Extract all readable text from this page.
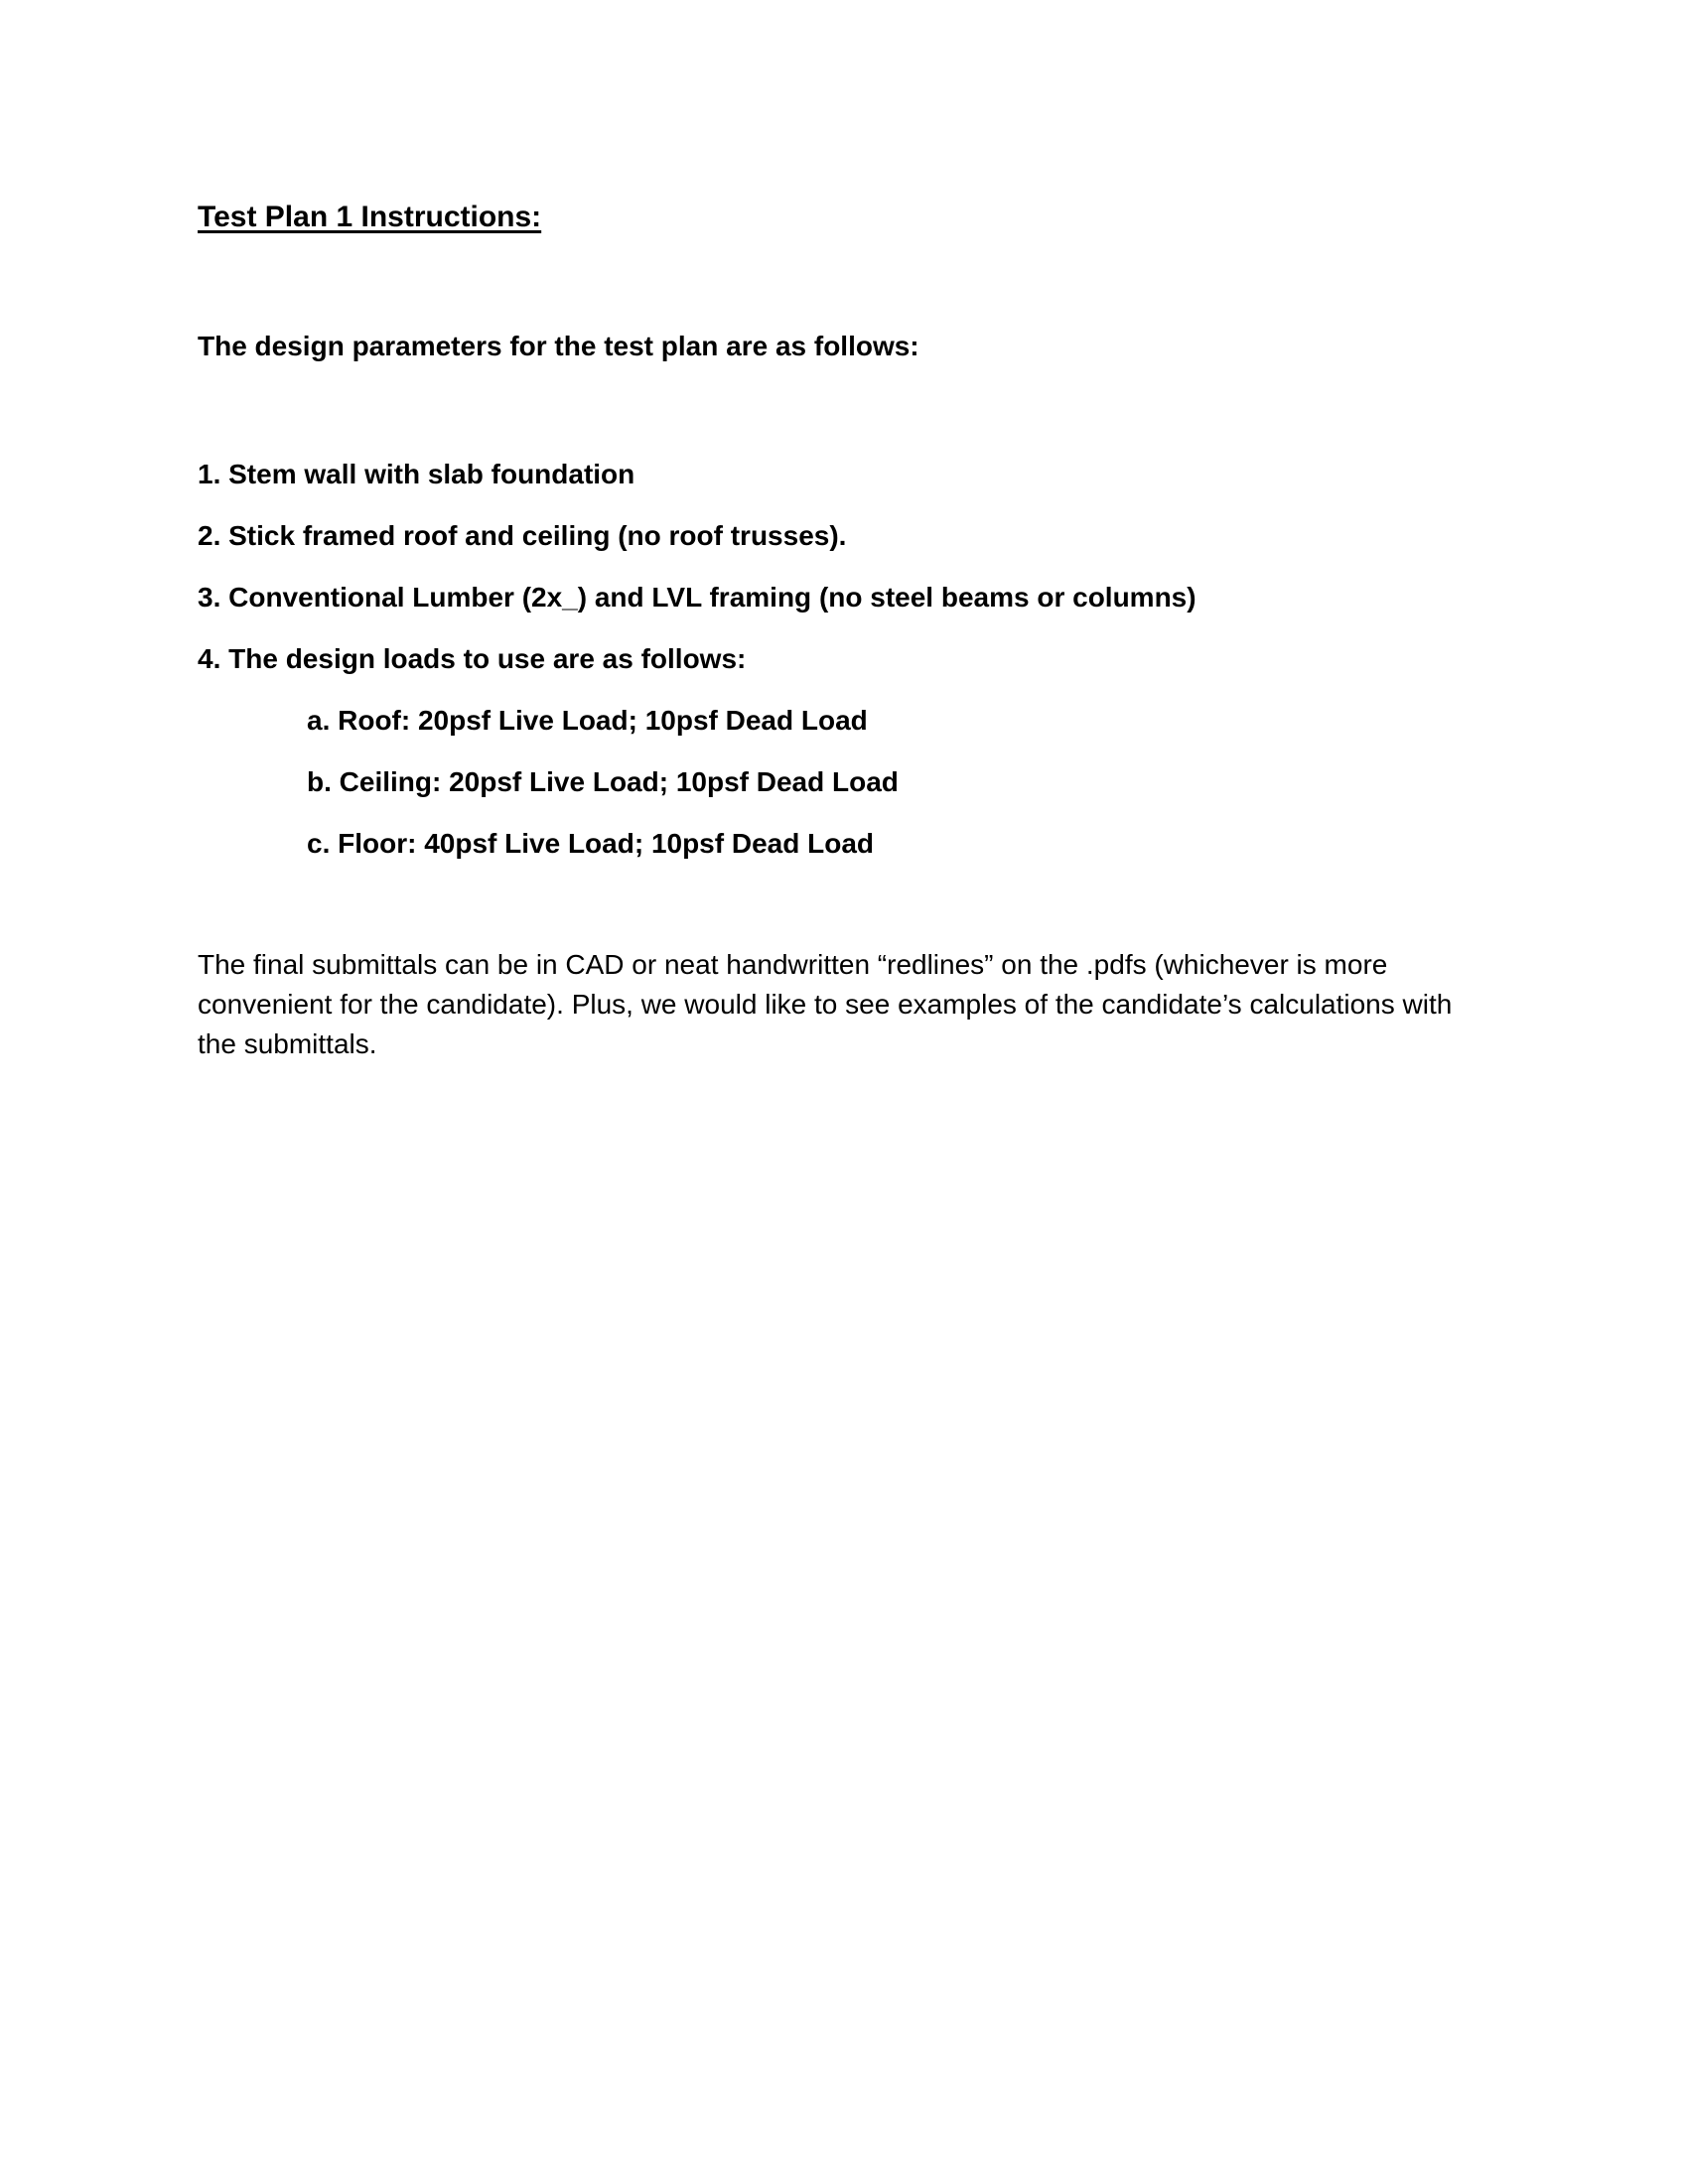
Test Plan 1 Instructions:
The design parameters for the test plan are as follows:
1. Stem wall with slab foundation
2. Stick framed roof and ceiling (no roof trusses).
3. Conventional Lumber (2x_) and LVL framing (no steel beams or columns)
4. The design loads to use are as follows:
a. Roof: 20psf Live Load; 10psf Dead Load
b. Ceiling: 20psf Live Load; 10psf Dead Load
c. Floor: 40psf Live Load; 10psf Dead Load

The final submittals can be in CAD or neat handwritten “redlines” on the .pdfs (whichever is more convenient for the candidate). Plus, we would like to see examples of the candidate’s calculations with the submittals.
